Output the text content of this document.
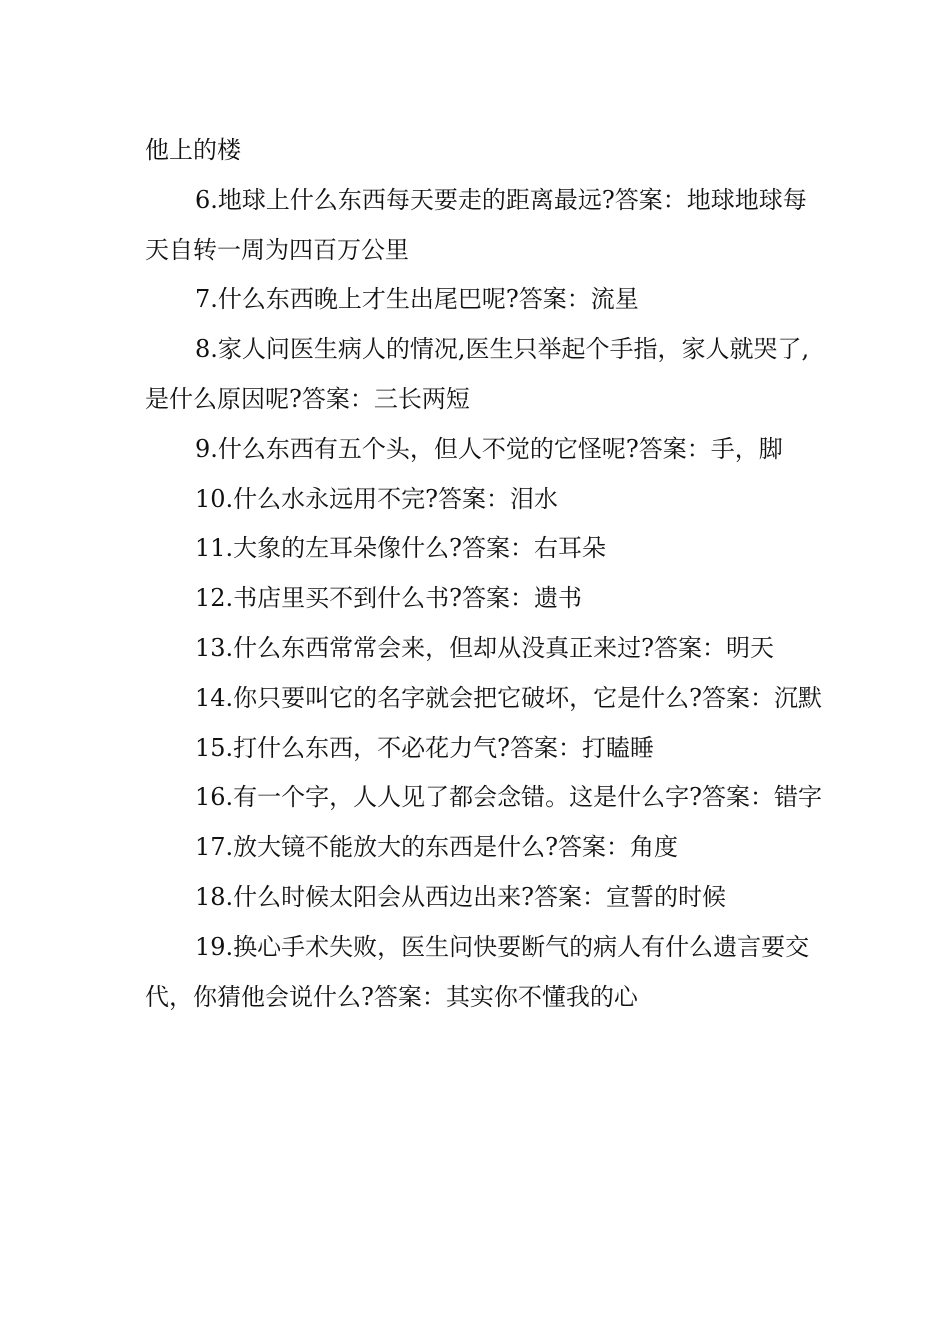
他上的楼

6.地球上什么东西每天要走的距离最远?答案：地球地球每天自转一周为四百万公里

7.什么东西晚上才生出尾巴呢?答案：流星

8.家人问医生病人的情况,医生只举起个手指，家人就哭了,是什么原因呢?答案：三长两短

9.什么东西有五个头，但人不觉的它怪呢?答案：手，脚

10.什么水永远用不完?答案：泪水

11.大象的左耳朵像什么?答案：右耳朵

12.书店里买不到什么书?答案：遗书

13.什么东西常常会来，但却从没真正来过?答案：明天

14.你只要叫它的名字就会把它破坏，它是什么?答案：沉默

15.打什么东西，不必花力气?答案：打瞌睡

16.有一个字，人人见了都会念错。这是什么字?答案：错字

17.放大镜不能放大的东西是什么?答案：角度

18.什么时候太阳会从西边出来?答案：宣誓的时候

19.换心手术失败，医生问快要断气的病人有什么遗言要交代，你猜他会说什么?答案：其实你不懂我的心
